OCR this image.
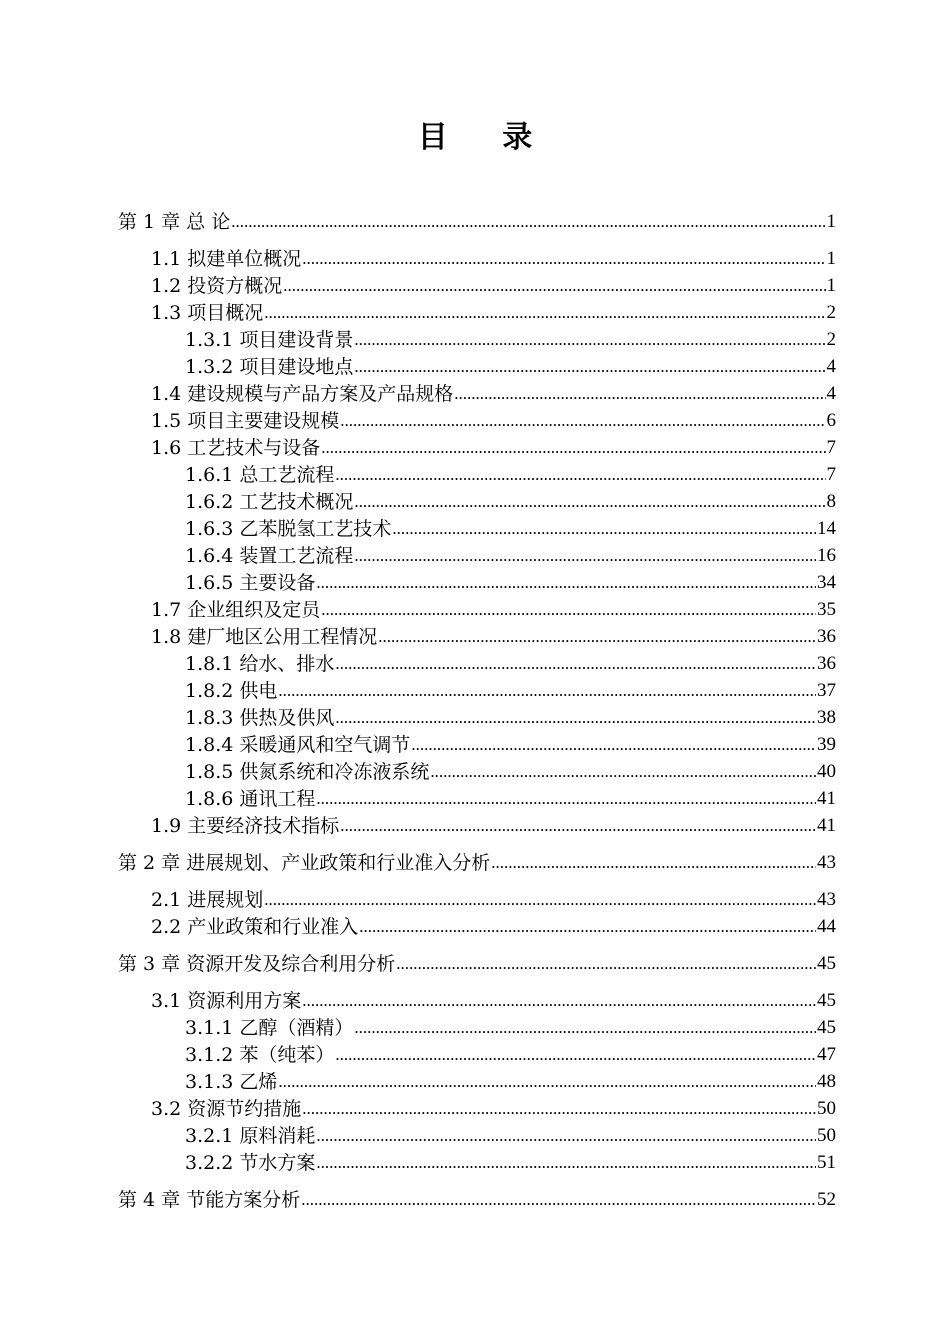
目 录
第 1 章 总 论 .....	1
1.1 拟建单位概况 .....	1
1.2 投资方概况 .....	1
1.3 项目概况 .....	2
1.3.1 项目建设背景 .....	2
1.3.2 项目建设地点 .....	4
1.4 建设规模与产品方案及产品规格 .....	4
1.5 项目主要建设规模 .....	6
1.6 工艺技术与设备 .....	7
1.6.1 总工艺流程 .....	7
1.6.2 工艺技术概况 .....	8
1.6.3 乙苯脱氢工艺技术 .....	14
1.6.4 装置工艺流程 .....	16
1.6.5 主要设备 .....	34
1.7 企业组织及定员 .....	35
1.8 建厂地区公用工程情况 .....	36
1.8.1 给水、排水 .....	36
1.8.2 供电 .....	37
1.8.3 供热及供风 .....	38
1.8.4 采暖通风和空气调节 .....	39
1.8.5 供氮系统和冷冻液系统 .....	40
1.8.6 通讯工程 .....	41
1.9 主要经济技术指标 .....	41
第 2 章 进展规划、产业政策和行业准入分析 .....	43
2.1 进展规划 .....	43
2.2 产业政策和行业准入 .....	44
第 3 章 资源开发及综合利用分析 .....	45
3.1 资源利用方案 .....	45
3.1.1 乙醇（酒精） .....	45
3.1.2 苯（纯苯） .....	47
3.1.3 乙烯 .....	48
3.2 资源节约措施 .....	50
3.2.1 原料消耗 .....	50
3.2.2 节水方案 .....	51
第 4 章 节能方案分析 .....	52
